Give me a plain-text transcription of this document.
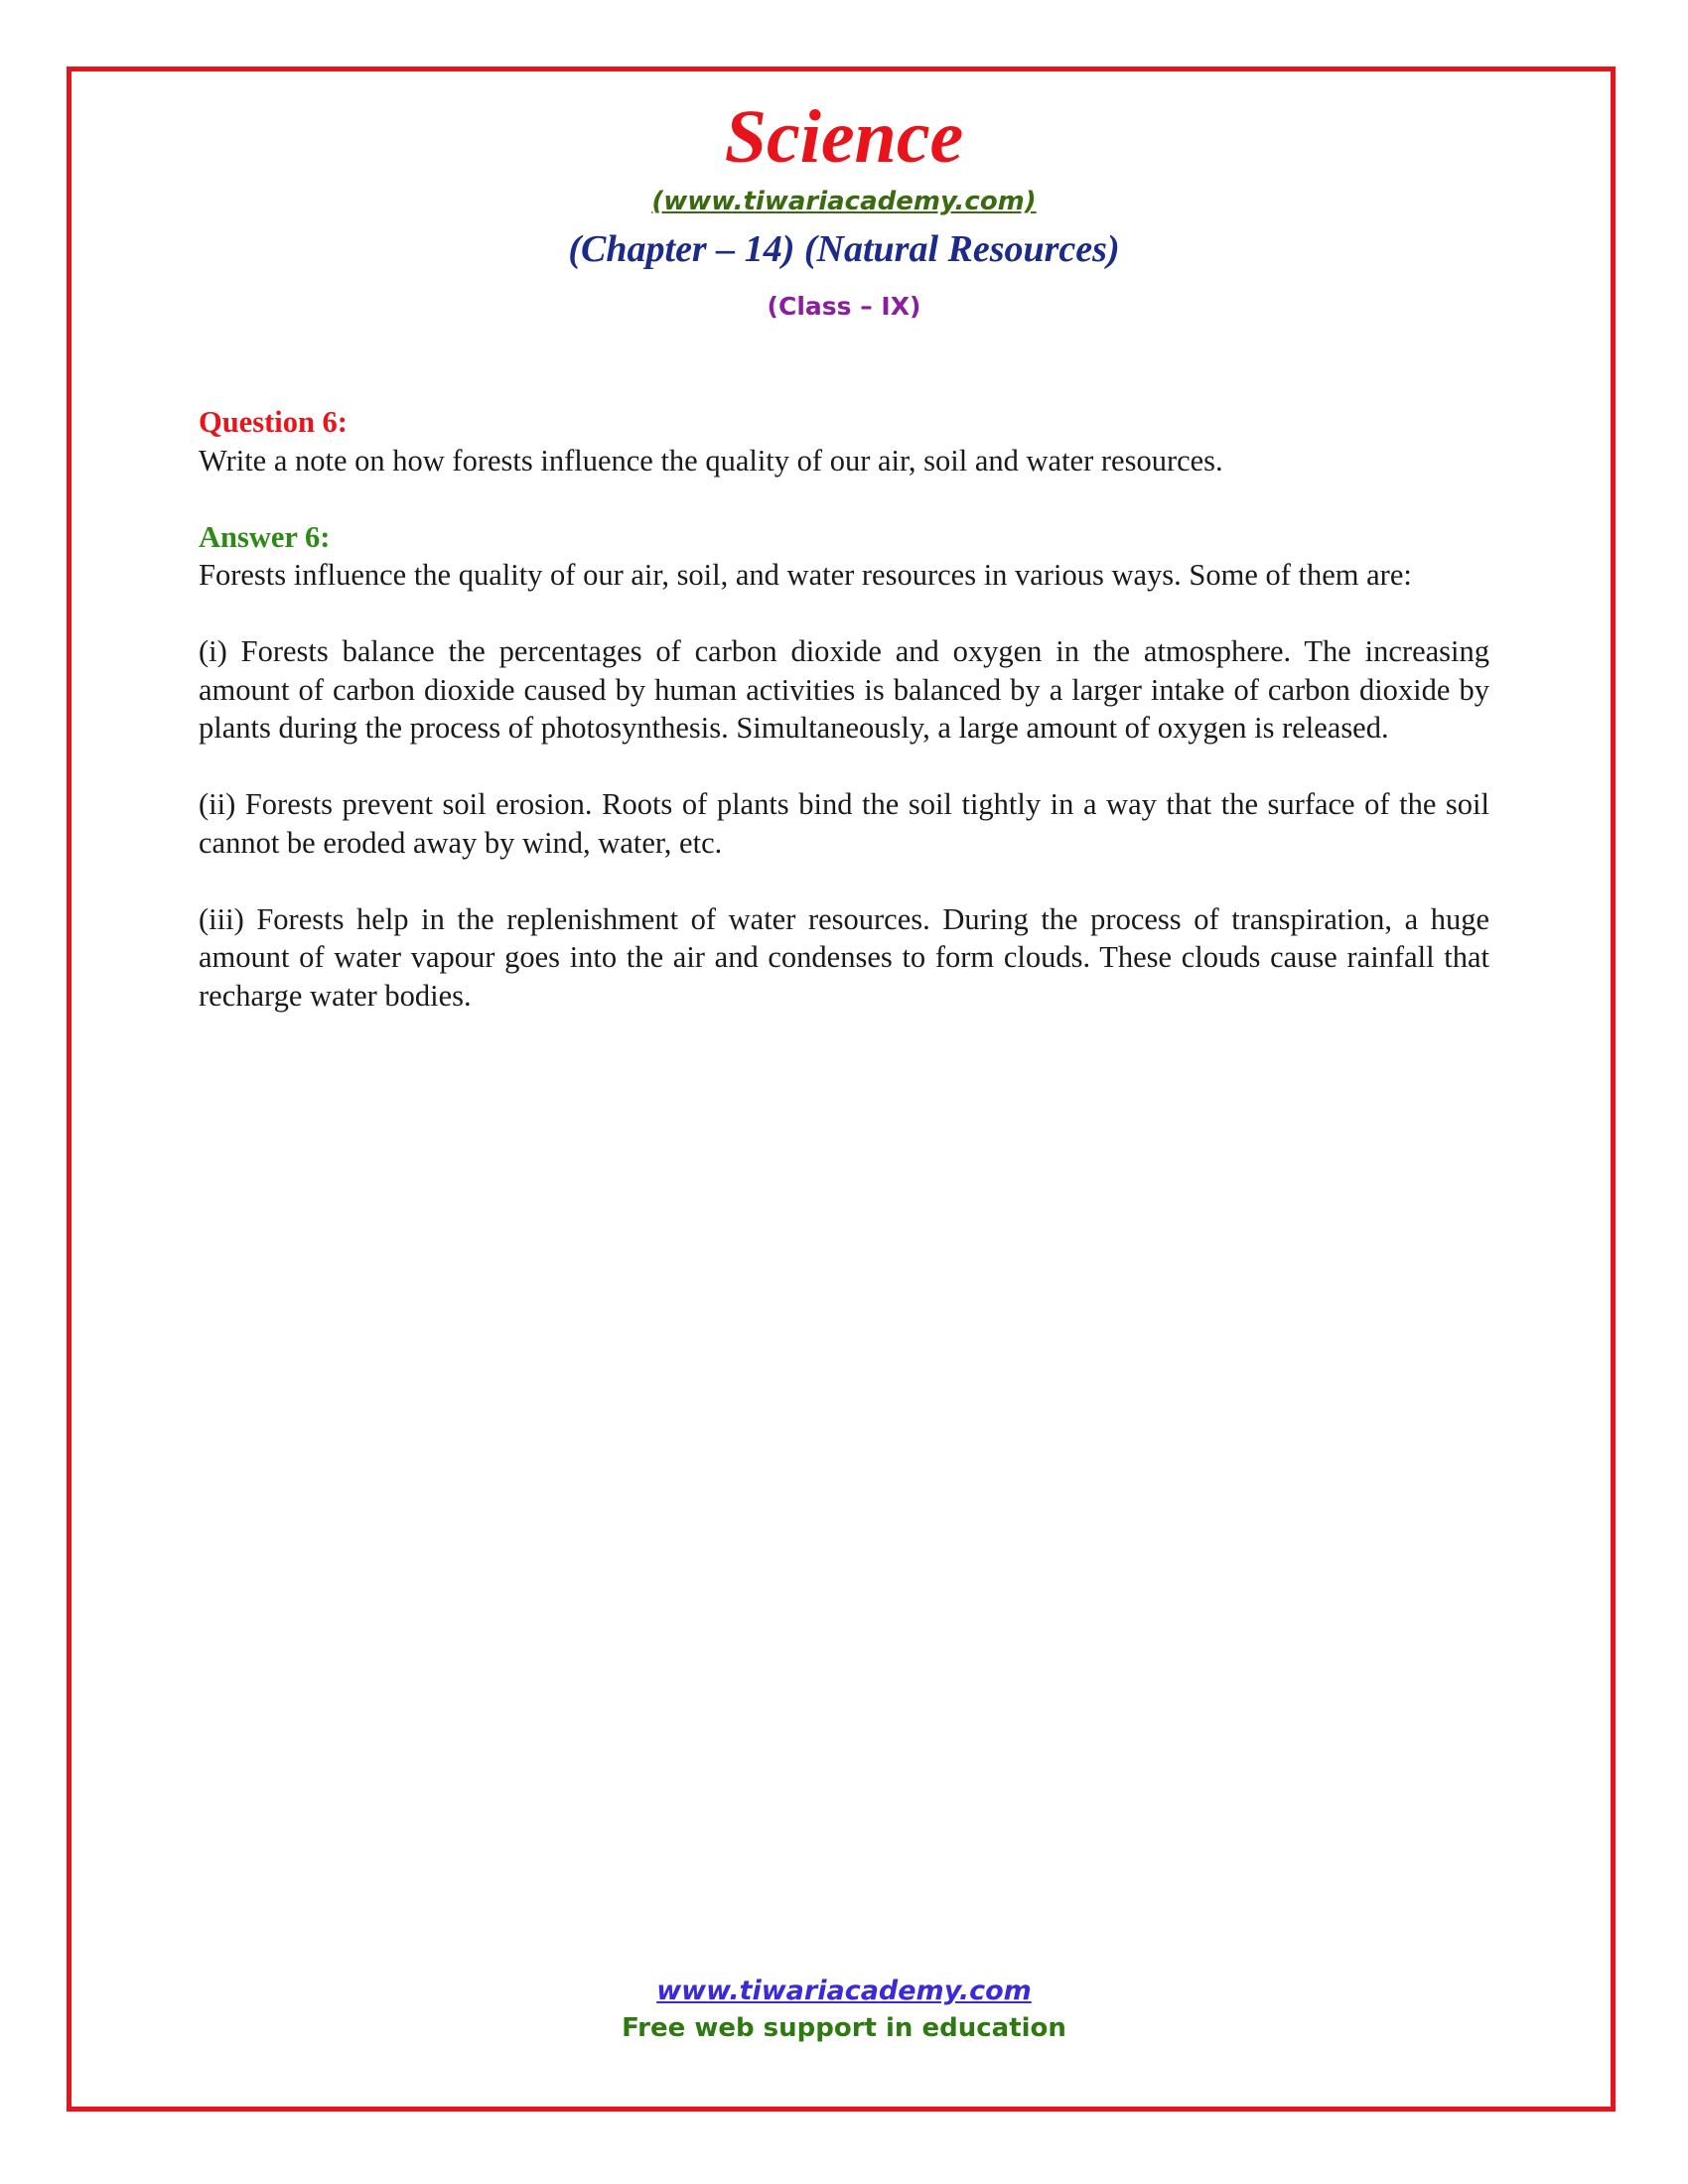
Science
(www.tiwariacademy.com)
(Chapter – 14) (Natural Resources)
(Class – IX)
Question 6:

Write a note on how forests influence the quality of our air, soil and water resources.

Answer 6:

Forests influence the quality of our air, soil, and water resources in various ways. Some of them are:

(i) Forests balance the percentages of carbon dioxide and oxygen in the atmosphere. The increasing amount of carbon dioxide caused by human activities is balanced by a larger intake of carbon dioxide by plants during the process of photosynthesis. Simultaneously, a large amount of oxygen is released.

(ii) Forests prevent soil erosion. Roots of plants bind the soil tightly in a way that the surface of the soil cannot be eroded away by wind, water, etc.

(iii) Forests help in the replenishment of water resources. During the process of transpiration, a huge amount of water vapour goes into the air and condenses to form clouds. These clouds cause rainfall that recharge water bodies.

www.tiwariacademy.com
Free web support in education
